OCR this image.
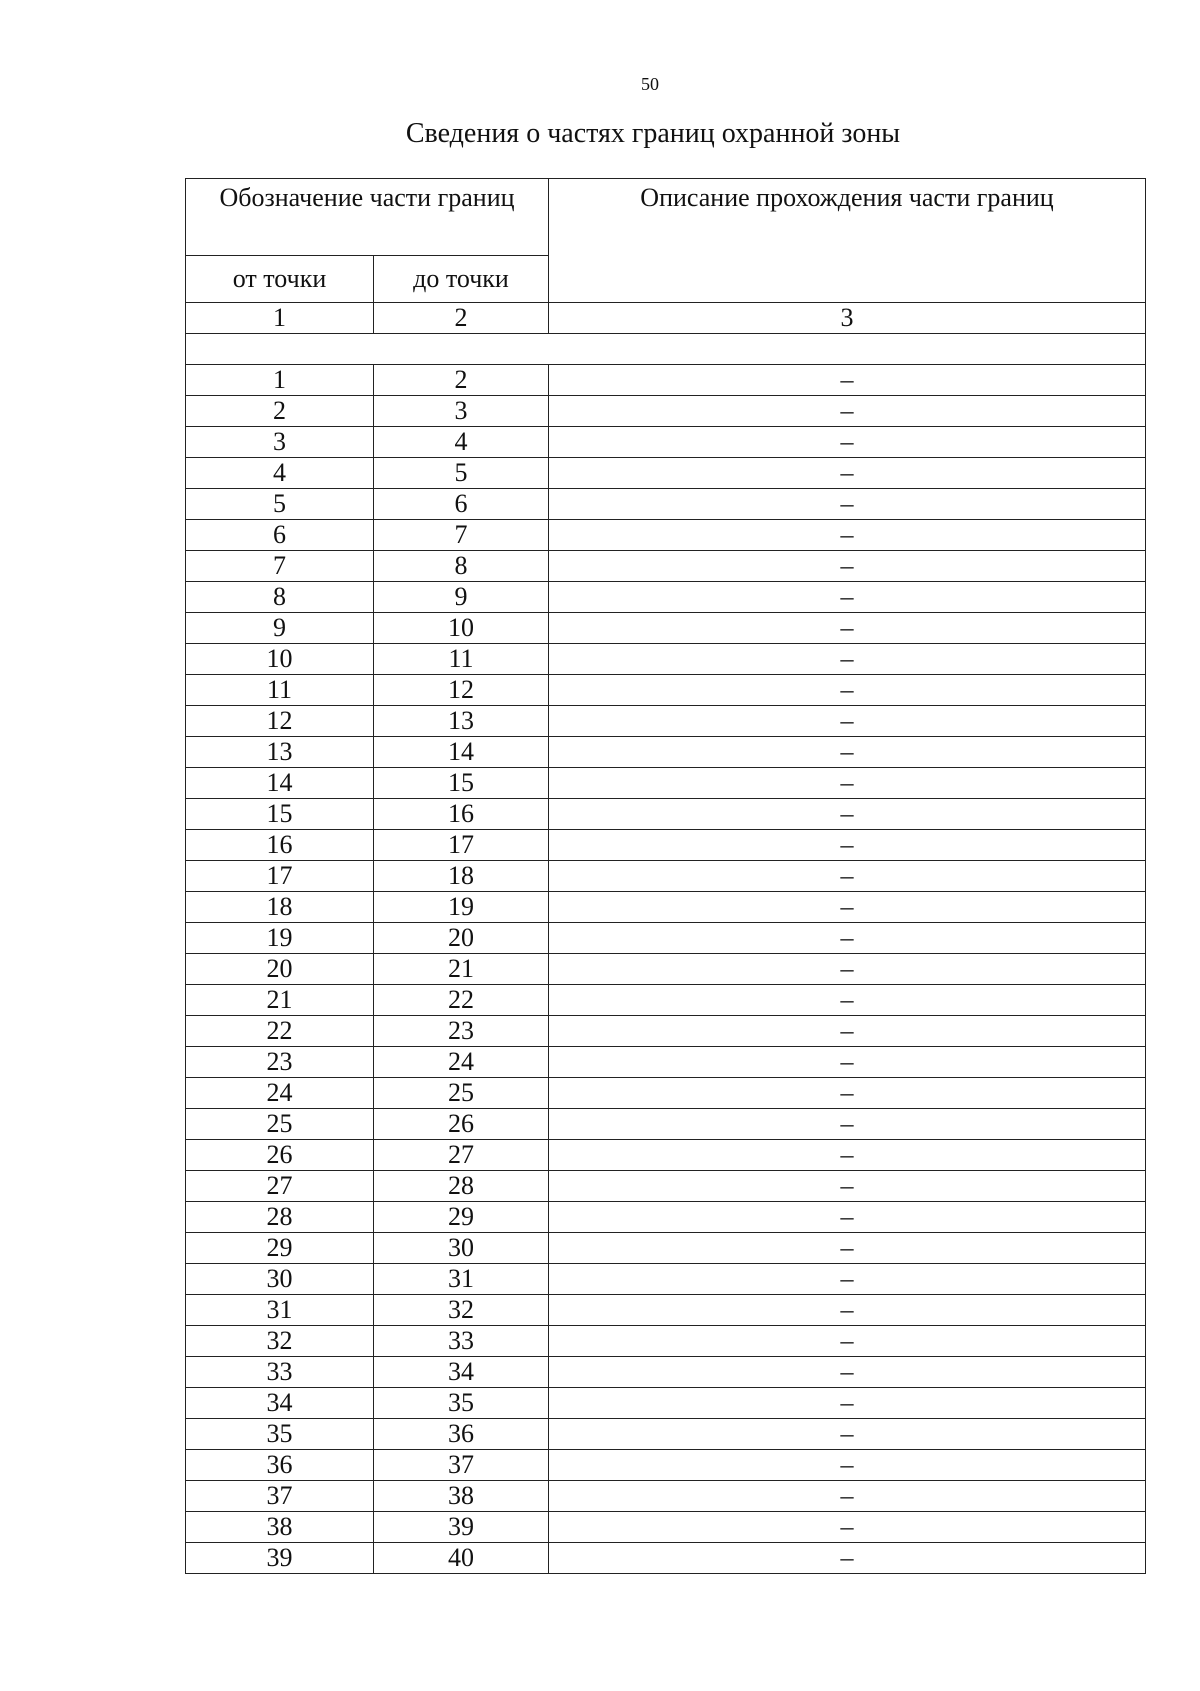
50
Сведения о частях границ охранной зоны
Обозначение части границ		Описание прохождения части границ
от точки	до точки	
1	2	3

1	2	–
2	3	–
3	4	–
4	5	–
5	6	–
6	7	–
7	8	–
8	9	–
9	10	–
10	11	–
11	12	–
12	13	–
13	14	–
14	15	–
15	16	–
16	17	–
17	18	–
18	19	–
19	20	–
20	21	–
21	22	–
22	23	–
23	24	–
24	25	–
25	26	–
26	27	–
27	28	–
28	29	–
29	30	–
30	31	–
31	32	–
32	33	–
33	34	–
34	35	–
35	36	–
36	37	–
37	38	–
38	39	–
39	40	–
